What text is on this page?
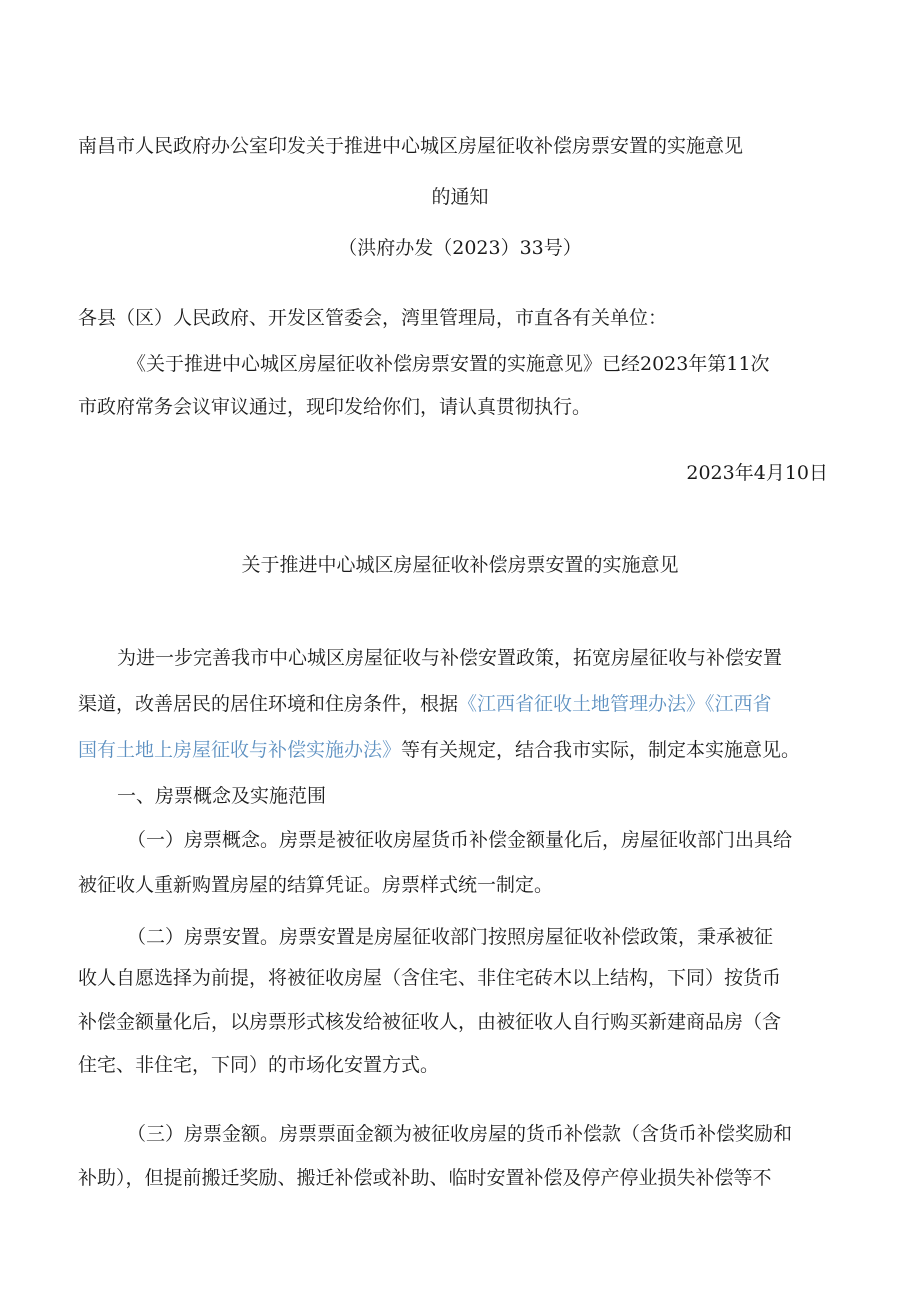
南昌市人民政府办公室印发关于推进中心城区房屋征收补偿房票安置的实施意见
的通知
（洪府办发（2023）33号）
各县（区）人民政府、开发区管委会，湾里管理局，市直各有关单位：
《关于推进中心城区房屋征收补偿房票安置的实施意见》已经2023年第11次
市政府常务会议审议通过，现印发给你们，请认真贯彻执行。
2023年4月10日
关于推进中心城区房屋征收补偿房票安置的实施意见
为进一步完善我市中心城区房屋征收与补偿安置政策，拓宽房屋征收与补偿安置
渠道，改善居民的居住环境和住房条件，根据《江西省征收土地管理办法》《江西省
国有土地上房屋征收与补偿实施办法》等有关规定，结合我市实际，制定本实施意见。
一、房票概念及实施范围
（一）房票概念。房票是被征收房屋货币补偿金额量化后，房屋征收部门出具给
被征收人重新购置房屋的结算凭证。房票样式统一制定。
（二）房票安置。房票安置是房屋征收部门按照房屋征收补偿政策，秉承被征
收人自愿选择为前提，将被征收房屋（含住宅、非住宅砖木以上结构，下同）按货币
补偿金额量化后，以房票形式核发给被征收人，由被征收人自行购买新建商品房（含
住宅、非住宅，下同）的市场化安置方式。
（三）房票金额。房票票面金额为被征收房屋的货币补偿款（含货币补偿奖励和
补助），但提前搬迁奖励、搬迁补偿或补助、临时安置补偿及停产停业损失补偿等不
